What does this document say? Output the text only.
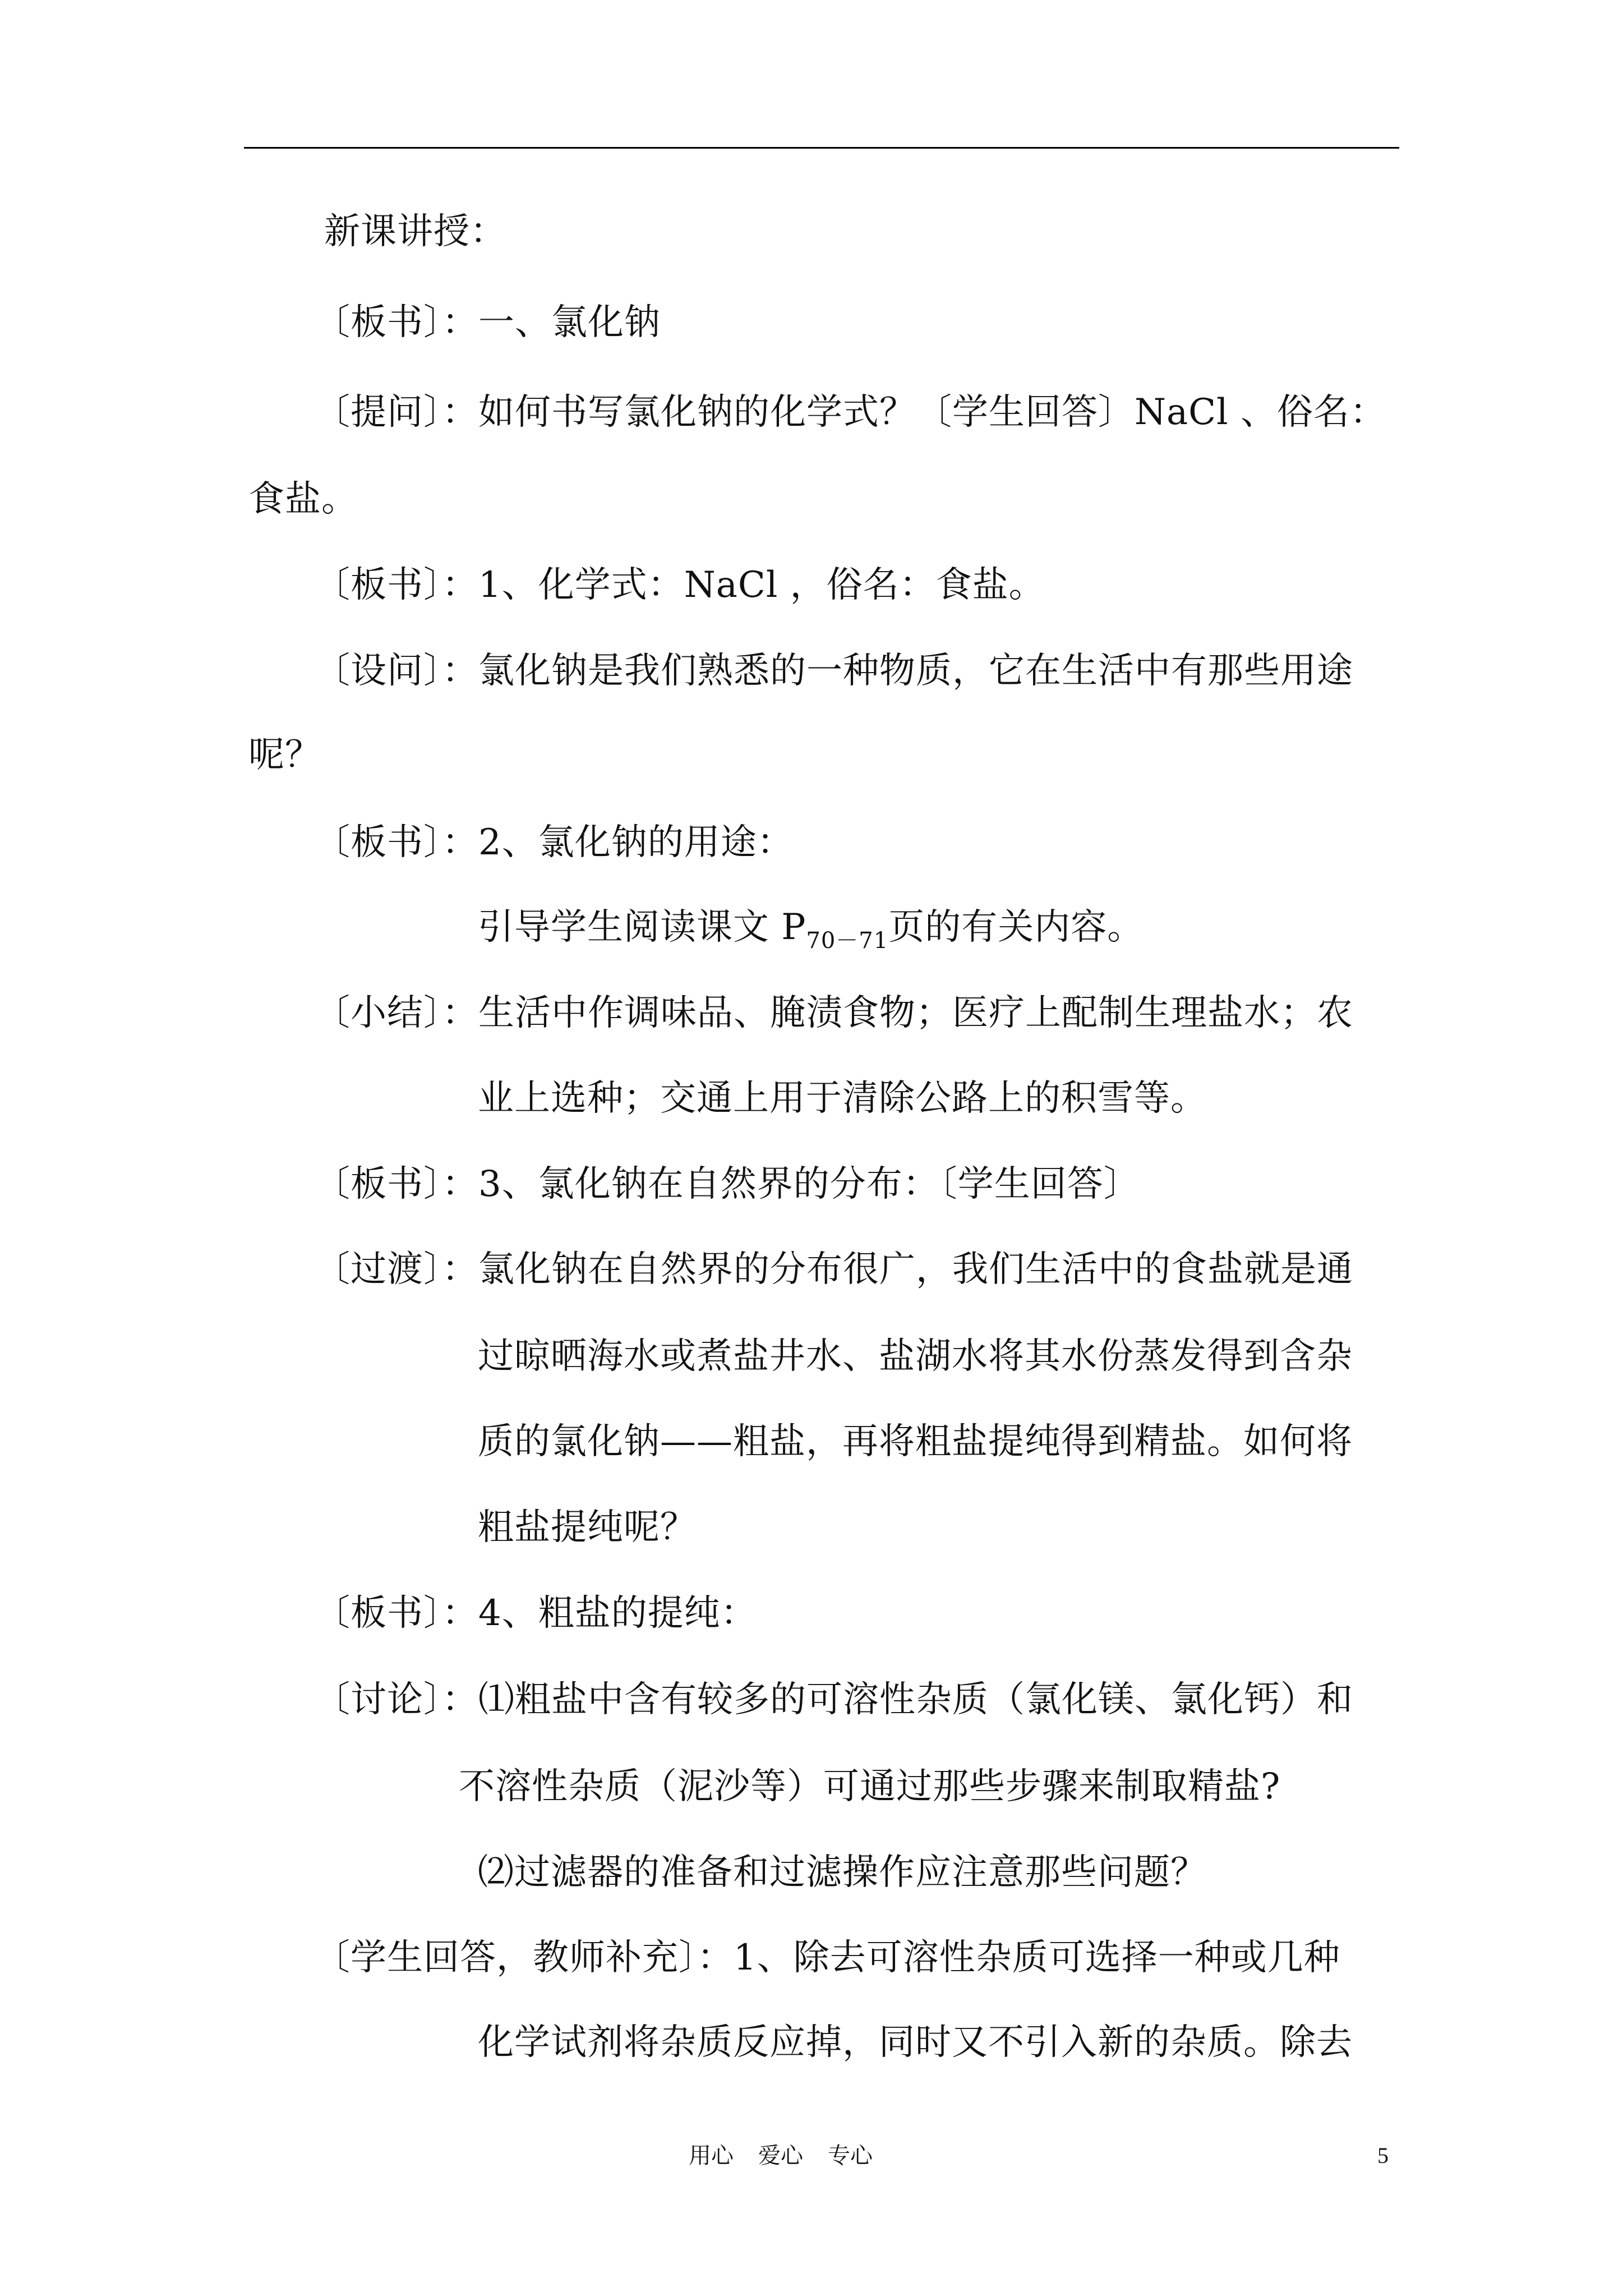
新课讲授：
〔板书〕：一、氯化钠
〔提问〕：如何书写氯化钠的化学式？〔学生回答〕NaCl 、俗名：
食盐。
〔板书〕：1、化学式：NaCl ，俗名：食盐。
〔设问〕：氯化钠是我们熟悉的一种物质，它在生活中有那些用途
呢？
〔板书〕：2、氯化钠的用途：
引导学生阅读课文 $P_{70-71}$页的有关内容。
〔小结〕：生活中作调味品、腌渍食物；医疗上配制生理盐水；农
业上选种；交通上用于清除公路上的积雪等。
〔板书〕：3、氯化钠在自然界的分布：〔学生回答〕
〔过渡〕：氯化钠在自然界的分布很广，我们生活中的食盐就是通
过晾晒海水或煮盐井水、盐湖水将其水份蒸发得到含杂
质的氯化钠——粗盐，再将粗盐提纯得到精盐。如何将
粗盐提纯呢？
〔板书〕：4、粗盐的提纯：
〔讨论〕：⑴粗盐中含有较多的可溶性杂质（氯化镁、氯化钙）和
不溶性杂质（泥沙等）可通过那些步骤来制取精盐?
⑵过滤器的准备和过滤操作应注意那些问题？
〔学生回答，教师补充〕：1、除去可溶性杂质可选择一种或几种
化学试剂将杂质反应掉，同时又不引入新的杂质。除去
用心 爱心 专心	5
